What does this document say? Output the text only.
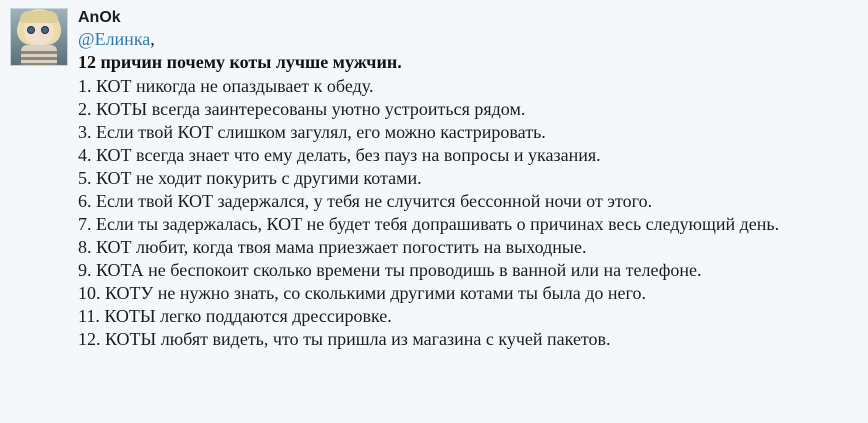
AnOk
@Елинка,
12 причин почему коты лучше мужчин.
1. КОТ никогда не опаздывает к обеду.
2. КОТЫ всегда заинтересованы уютно устроиться рядом.
3. Если твой КОТ слишком загулял, его можно кастрировать.
4. КОТ всегда знает что ему делать, без пауз на вопросы и указания.
5. КОТ не ходит покурить с другими котами.
6. Если твой КОТ задержался, у тебя не случится бессонной ночи от этого.
7. Если ты задержалась, КОТ не будет тебя допрашивать о причинах весь следующий день.
8. КОТ любит, когда твоя мама приезжает погостить на выходные.
9. КОТА не беспокоит сколько времени ты проводишь в ванной или на телефоне.
10. КОТУ не нужно знать, со сколькими другими котами ты была до него.
11. КОТЫ легко поддаются дрессировке.
12. КОТЫ любят видеть, что ты пришла из магазина с кучей пакетов.
